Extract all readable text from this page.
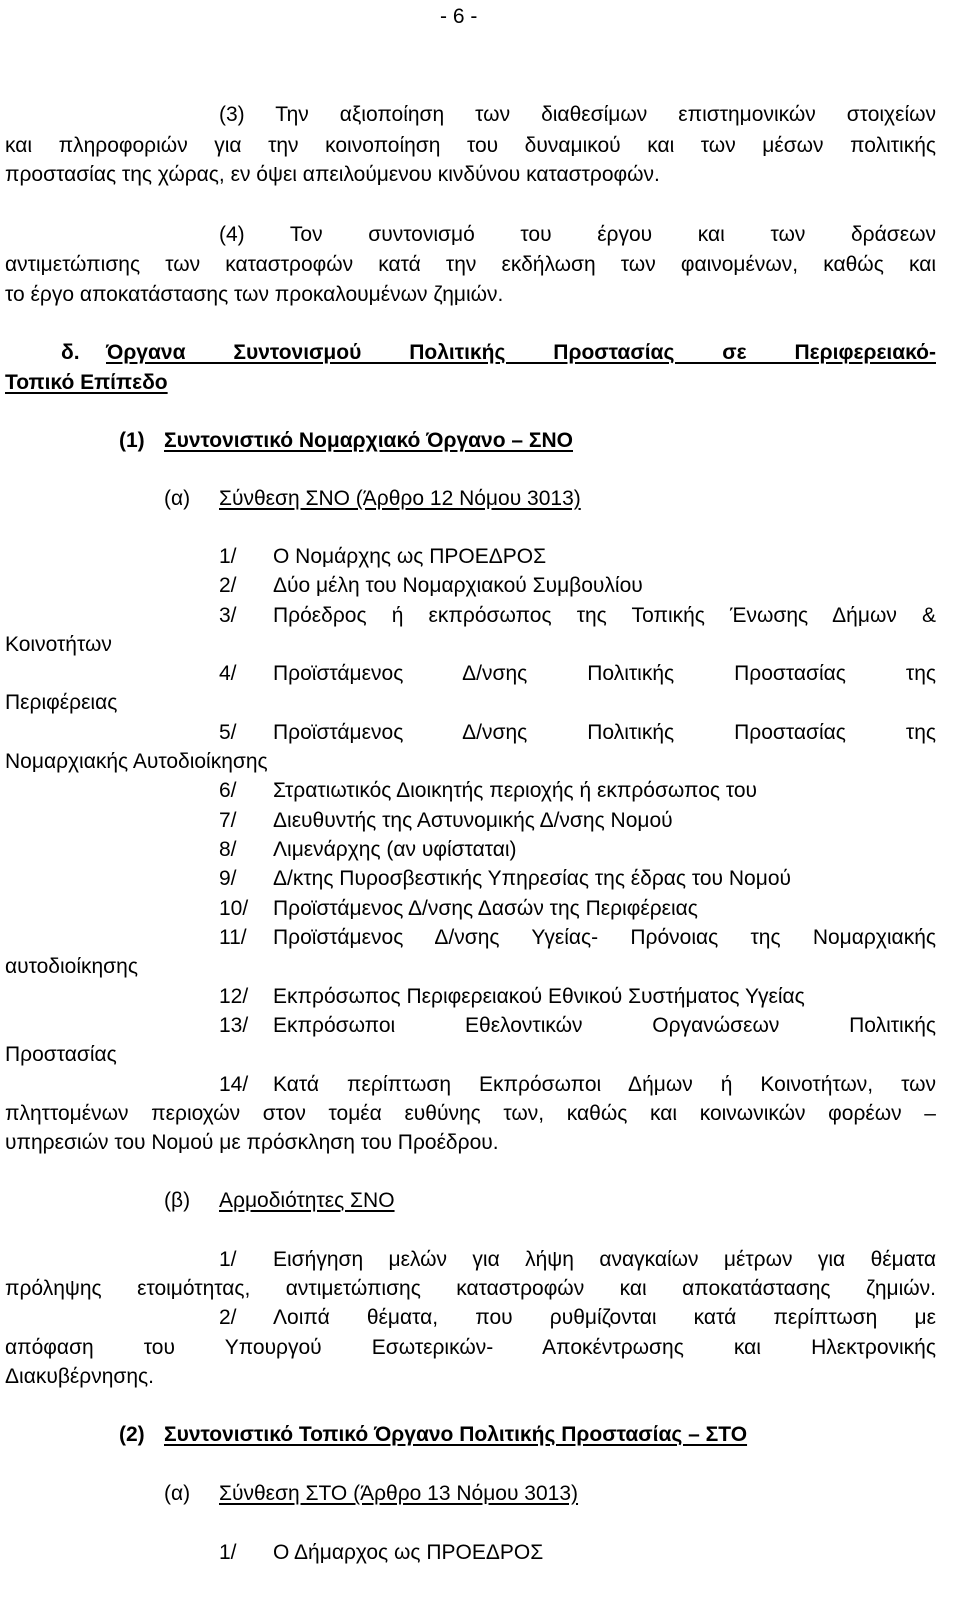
- 6 -
(3) Την αξιοποίηση των διαθεσίμων επιστημονικών στοιχείων
και πληροφοριών για την κοινοποίηση του δυναμικού και των μέσων πολιτικής
προστασίας της χώρας, εν όψει απειλούμενου κινδύνου καταστροφών.
(4) Τον συντονισμό του έργου και των δράσεων
αντιμετώπισης των καταστροφών κατά την εκδήλωση των φαινομένων, καθώς και
το έργο αποκατάστασης των προκαλουμένων ζημιών.
δ. Όργανα Συντονισμού Πολιτικής Προστασίας σε Περιφερειακό-
Τοπικό Επίπεδο
(1) Συντονιστικό Νομαρχιακό Όργανο – ΣΝΟ
(α) Σύνθεση ΣΝΟ (Άρθρο 12 Νόμου 3013)
1/ Ο Νομάρχης ως ΠΡΟΕΔΡΟΣ
2/ Δύο μέλη του Νομαρχιακού Συμβουλίου
3/ Πρόεδρος ή εκπρόσωπος της Τοπικής Ένωσης Δήμων &
Κοινοτήτων
4/ Προϊστάμενος Δ/νσης Πολιτικής Προστασίας της
Περιφέρειας
5/ Προϊστάμενος Δ/νσης Πολιτικής Προστασίας της
Νομαρχιακής Αυτοδιοίκησης
6/ Στρατιωτικός Διοικητής περιοχής ή εκπρόσωπος του
7/ Διευθυντής της Αστυνομικής Δ/νσης Νομού
8/ Λιμενάρχης (αν υφίσταται)
9/ Δ/κτης Πυροσβεστικής Υπηρεσίας της έδρας του Νομού
10/ Προϊστάμενος Δ/νσης Δασών της Περιφέρειας
11/ Προϊστάμενος Δ/νσης Υγείας- Πρόνοιας της Νομαρχιακής
αυτοδιοίκησης
12/ Εκπρόσωπος Περιφερειακού Εθνικού Συστήματος Υγείας
13/ Εκπρόσωποι Εθελοντικών Οργανώσεων Πολιτικής
Προστασίας
14/ Κατά περίπτωση Εκπρόσωποι Δήμων ή Κοινοτήτων, των
πληττομένων περιοχών στον τομέα ευθύνης των, καθώς και κοινωνικών φορέων –
υπηρεσιών του Νομού με πρόσκληση του Προέδρου.
(β) Αρμοδιότητες ΣΝΟ
1/ Εισήγηση μελών για λήψη αναγκαίων μέτρων για θέματα
πρόληψης ετοιμότητας, αντιμετώπισης καταστροφών και αποκατάστασης ζημιών.
2/ Λοιπά θέματα, που ρυθμίζονται κατά περίπτωση με
απόφαση του Υπουργού Εσωτερικών- Αποκέντρωσης και Ηλεκτρονικής
Διακυβέρνησης.
(2) Συντονιστικό Τοπικό Όργανο Πολιτικής Προστασίας – ΣΤΟ
(α) Σύνθεση ΣΤΟ (Άρθρο 13 Νόμου 3013)
1/ Ο Δήμαρχος ως ΠΡΟΕΔΡΟΣ
